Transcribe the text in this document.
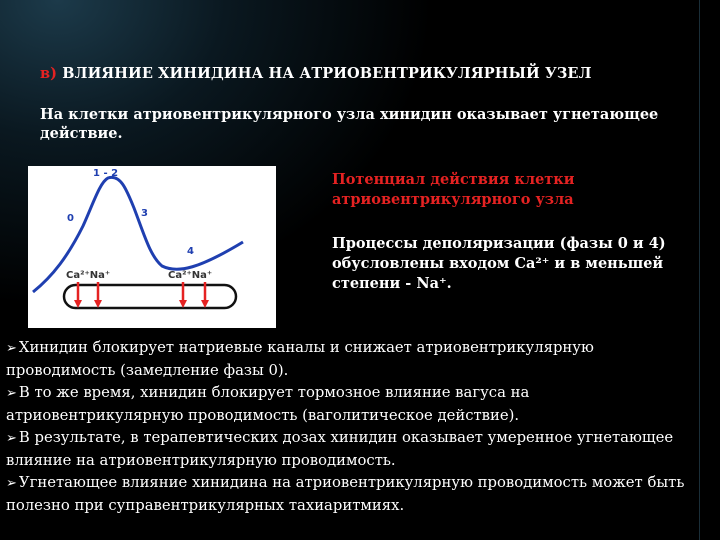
в) ВЛИЯНИЕ ХИНИДИНА НА АТРИОВЕНТРИКУЛЯРНЫЙ УЗЕЛ
На клетки атриовентрикулярного узла хинидин оказывает угнетающее действие.
1 - 2
0	3
4
Ca²⁺Na⁺	Ca²⁺Na⁺
Потенциал действия клетки атриовентрикулярного узла
Процессы деполяризации (фазы 0 и 4) обусловлены входом Ca²⁺ и в меньшей степени - Na⁺.
➢ Хинидин блокирует натриевые каналы и снижает атриовентрикулярную проводимость (замедление фазы 0).
➢ В то же время, хинидин блокирует тормозное влияние вагуса на атриовентрикулярную проводимость (ваголитическое действие).
➢ В результате, в терапевтических дозах хинидин оказывает умеренное угнетающее влияние на атриовентрикулярную проводимость.
➢ Угнетающее влияние хинидина на атриовентрикулярную проводимость может быть полезно при суправентрикулярных тахиаритмиях.
